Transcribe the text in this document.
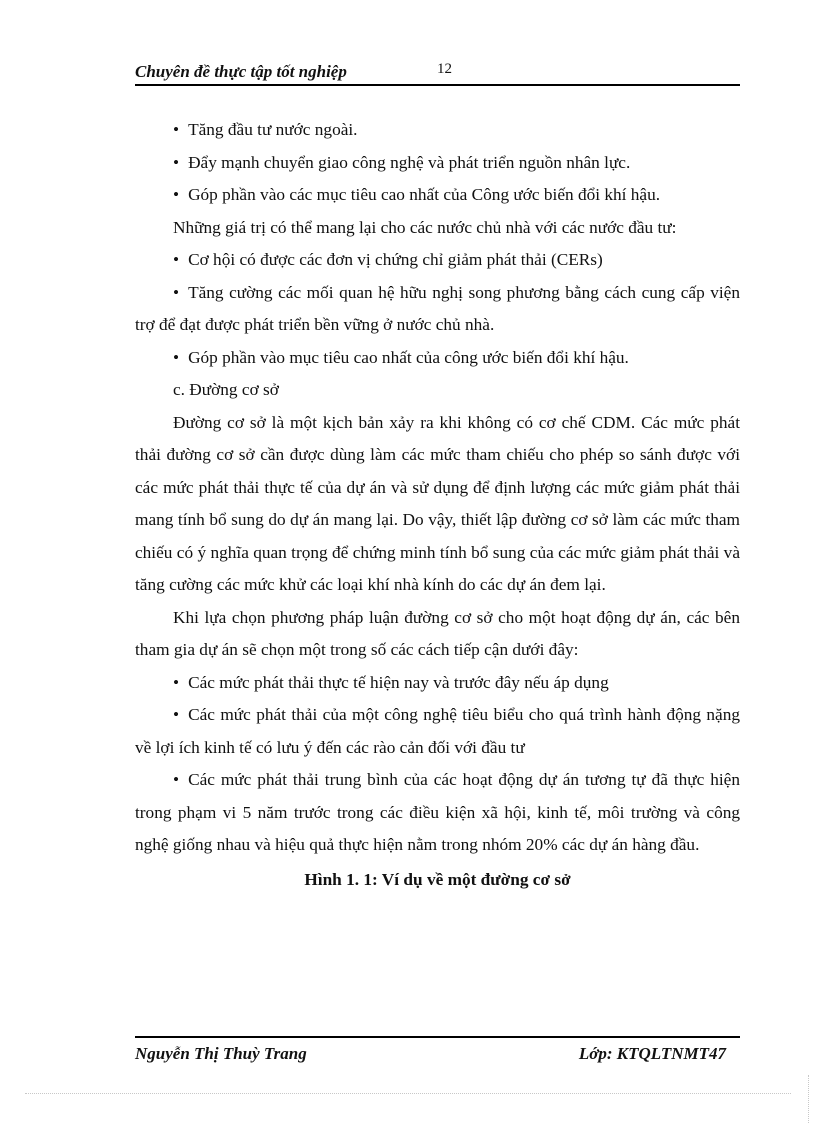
Chuyên đề thực tập tốt nghiệp	12

• Tăng đầu tư nước ngoài.

• Đẩy mạnh chuyển giao công nghệ và phát triển nguồn nhân lực.

• Góp phần vào các mục tiêu cao nhất của Công ước biến đổi khí hậu.

Những giá trị có thể mang lại cho các nước chủ nhà với các nước đầu tư:

• Cơ hội có được các đơn vị chứng chỉ giảm phát thải (CERs)

• Tăng cường các mối quan hệ hữu nghị song phương bằng cách cung cấp viện trợ để đạt được phát triển bền vững ở nước chủ nhà.

• Góp phần vào mục tiêu cao nhất của công ước biến đổi khí hậu.

c. Đường cơ sở

Đường cơ sở là một kịch bản xảy ra khi không có cơ chế CDM. Các mức phát thải đường cơ sở cần được dùng làm các mức tham chiếu cho phép so sánh được với các mức phát thải thực tế của dự án và sử dụng để định lượng các mức giảm phát thải mang tính bổ sung do dự án mang lại. Do vậy, thiết lập đường cơ sở làm các mức tham chiếu có ý nghĩa quan trọng để chứng minh tính bổ sung của các mức giảm phát thải và tăng cường các mức khử các loại khí nhà kính do các dự án đem lại.

Khi lựa chọn phương pháp luận đường cơ sở cho một hoạt động dự án, các bên tham gia dự án sẽ chọn một trong số các cách tiếp cận dưới đây:

• Các mức phát thải thực tế hiện nay và trước đây nếu áp dụng

• Các mức phát thải của một công nghệ tiêu biểu cho quá trình hành động nặng về lợi ích kinh tế có lưu ý đến các rào cản đối với đầu tư

• Các mức phát thải trung bình của các hoạt động dự án tương tự đã thực hiện trong phạm vi 5 năm trước trong các điều kiện xã hội, kinh tế, môi trường và công nghệ giống nhau và hiệu quả thực hiện nằm trong nhóm 20% các dự án hàng đầu.

Hình 1. 1: Ví dụ về một đường cơ sở

Nguyễn Thị Thuỳ Trang	Lớp: KTQLTNMT47
